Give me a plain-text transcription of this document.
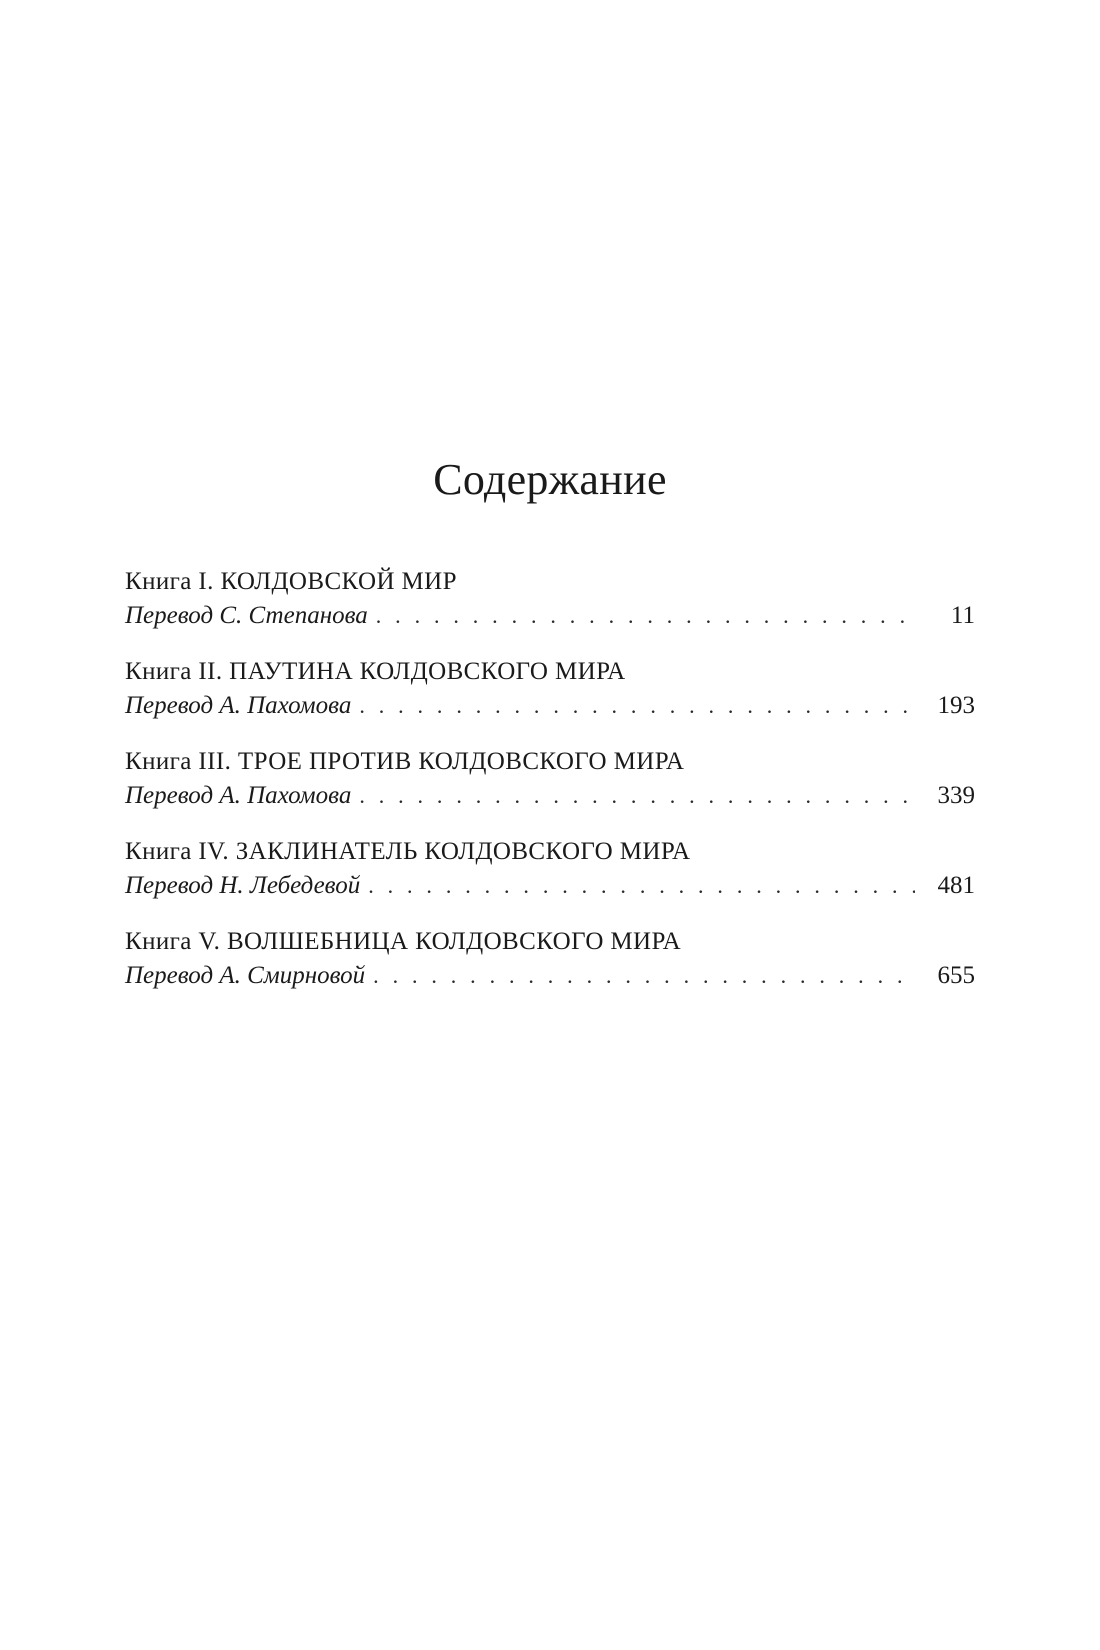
Содержание
Книга I. КОЛДОВСКОЙ МИР
Перевод С. Степанова . . .	11
Книга II. ПАУТИНА КОЛДОВСКОГО МИРА
Перевод А. Пахомова . . .	193
Книга III. ТРОЕ ПРОТИВ КОЛДОВСКОГО МИРА
Перевод А. Пахомова . . .	339
Книга IV. ЗАКЛИНАТЕЛЬ КОЛДОВСКОГО МИРА
Перевод Н. Лебедевой . . .	481
Книга V. ВОЛШЕБНИЦА КОЛДОВСКОГО МИРА
Перевод А. Смирновой . . .	655
